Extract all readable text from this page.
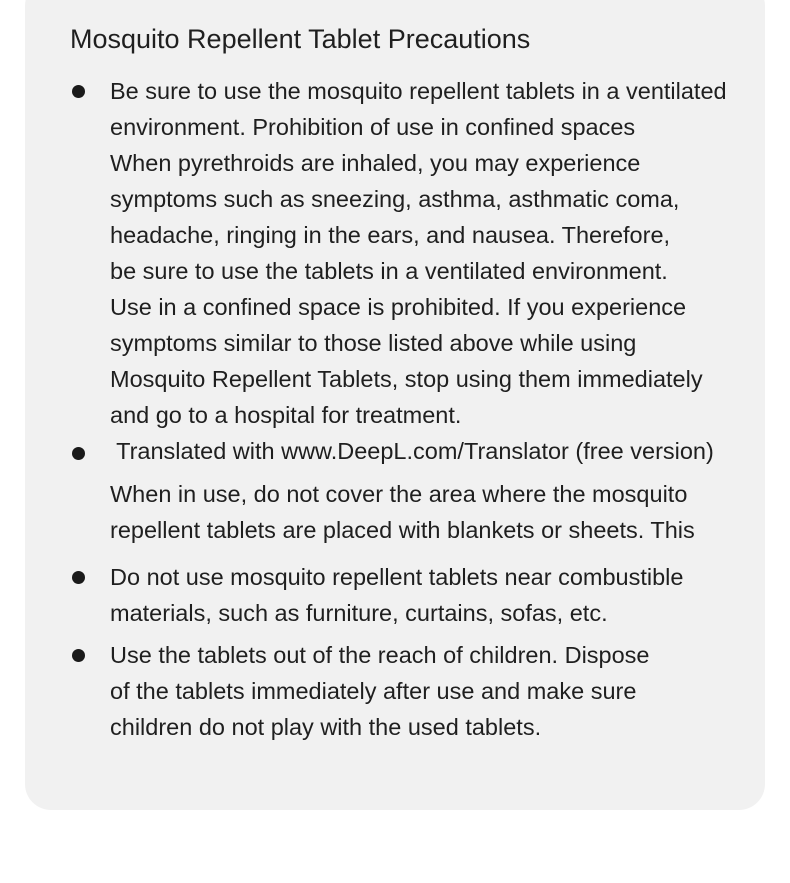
Mosquito Repellent Tablet Precautions

Be sure to use the mosquito repellent tablets in a ventilated
environment. Prohibition of use in confined spaces
When pyrethroids are inhaled, you may experience
symptoms such as sneezing, asthma, asthmatic coma,
headache, ringing in the ears, and nausea. Therefore,
be sure to use the tablets in a ventilated environment.
Use in a confined space is prohibited. If you experience
symptoms similar to those listed above while using
Mosquito Repellent Tablets, stop using them immediately
and go to a hospital for treatment.

Translated with www.DeepL.com/Translator (free version)
When in use, do not cover the area where the mosquito
repellent tablets are placed with blankets or sheets. This

Do not use mosquito repellent tablets near combustible
materials, such as furniture, curtains, sofas, etc.

Use the tablets out of the reach of children. Dispose
of the tablets immediately after use and make sure
children do not play with the used tablets.
